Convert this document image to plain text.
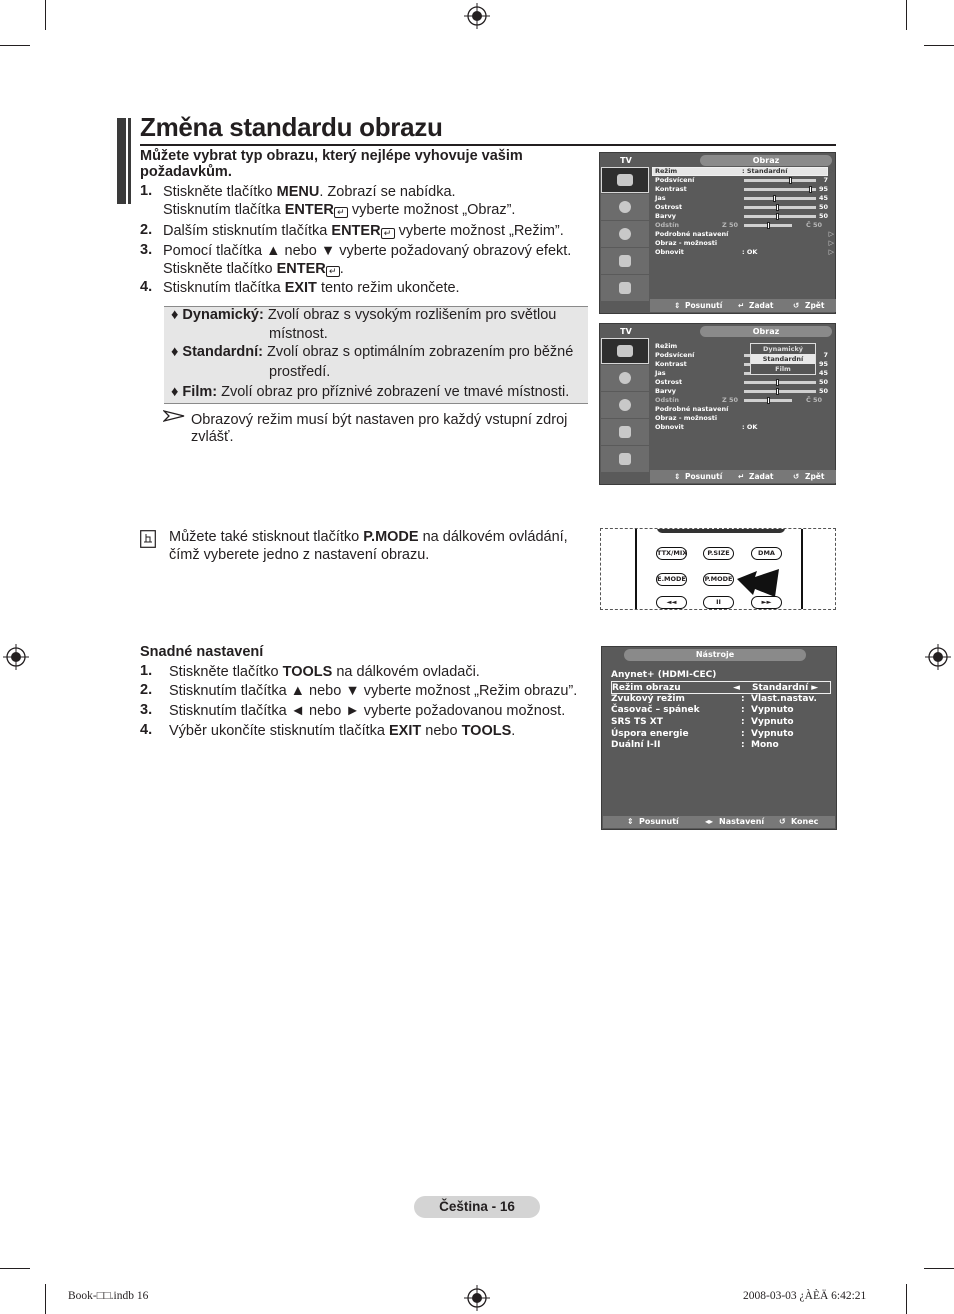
Změna standardu obrazu
Můžete vybrat typ obrazu, který nejlépe vyhovuje vašim
požadavkům.
1. Stiskněte tlačítko MENU. Zobrazí se nabídka.
Stisknutím tlačítka ENTER ↵ vyberte možnost „Obraz”.
2. Dalším stisknutím tlačítka ENTER ↵ vyberte možnost „Režim”.
3. Pomocí tlačítka ▲ nebo ▼ vyberte požadovaný obrazový efekt.
Stiskněte tlačítko ENTER ↵ .
4. Stisknutím tlačítka EXIT tento režim ukončete.
♦ Dynamický: Zvolí obraz s vysokým rozlišením pro světlou
místnost.
♦ Standardní: Zvolí obraz s optimálním zobrazením pro běžné
prostředí.
♦ Film: Zvolí obraz pro příznivé zobrazení ve tmavé místnosti.
Obrazový režim musí být nastaven pro každý vstupní zdroj
zvlášť.
TV	Obraz
Režim	: Standardní	▷
Podsvícení	7
Kontrast	95
Jas	45
Ostrost	50
Barvy	50
Odstín	Z 50	Č 50
Podrobné nastavení	▷
Obraz - možnosti	▷
Obnovit	: OK	▷
⇕ Posunutí ↵ Zadat	↺ Zpět
TV	Obraz
Režim
Podsvícení	7
Kontrast	95
Jas	45
Ostrost	50
Barvy	50
Odstín	Z 50	Č 50
Podrobné nastavení
Obraz - možnosti
Obnovit	: OK
Dynamický
Standardní
Film
⇕ Posunutí ↵ Zadat	↺ Zpět
Můžete také stisknout tlačítko P.MODE na dálkovém ovládání,
čímž vyberete jedno z nastavení obrazu.	TTX/MIX	P.SIZE	DMA
E.MODE	P.MODE
◄◄	II	►►
Snadné nastavení
1. Stiskněte tlačítko TOOLS na dálkovém ovladači.
2. Stisknutím tlačítka ▲ nebo ▼ vyberte možnost „Režim obrazu”.
3. Stisknutím tlačítka ◄ nebo ► vyberte požadovanou možnost.
4. Výběr ukončíte stisknutím tlačítka EXIT nebo TOOLS.
Nástroje
Anynet+ (HDMI-CEC)
Režim obrazu	◄ Standardní ►
Zvukový režim	: Vlast.nastav.
Časovač – spánek	: Vypnuto
SRS TS XT	: Vypnuto
Úspora energie	: Vypnuto
Duální I-II	: Mono
⇕ Posunutí	◂▸ Nastavení ↺ Konec
Čeština - 16
Book-□□.indb 16	2008-03-03 ¿ÀÈÄ 6:42:21
